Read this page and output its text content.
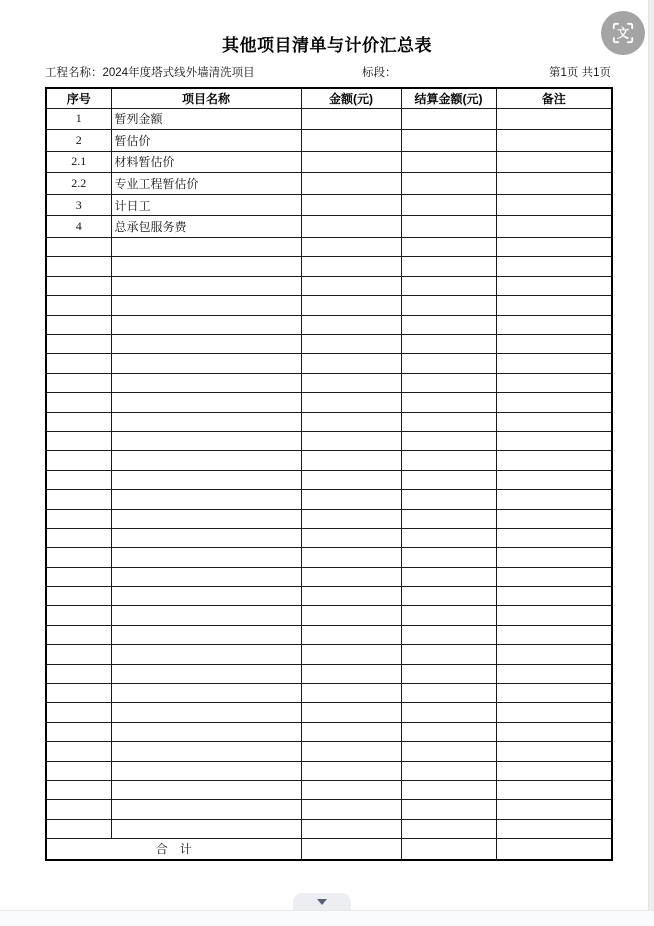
其他项目清单与计价汇总表
工程名称：2024年度塔式线外墙清洗项目	标段：	第1页 共1页
序号	项目名称	金额(元)	结算金额(元)	备注
1	暂列金额			
2	暂估价			
2.1	材料暂估价			
2.2	专业工程暂估价			
3	计日工			
4	总承包服务费			

合　计				
文
